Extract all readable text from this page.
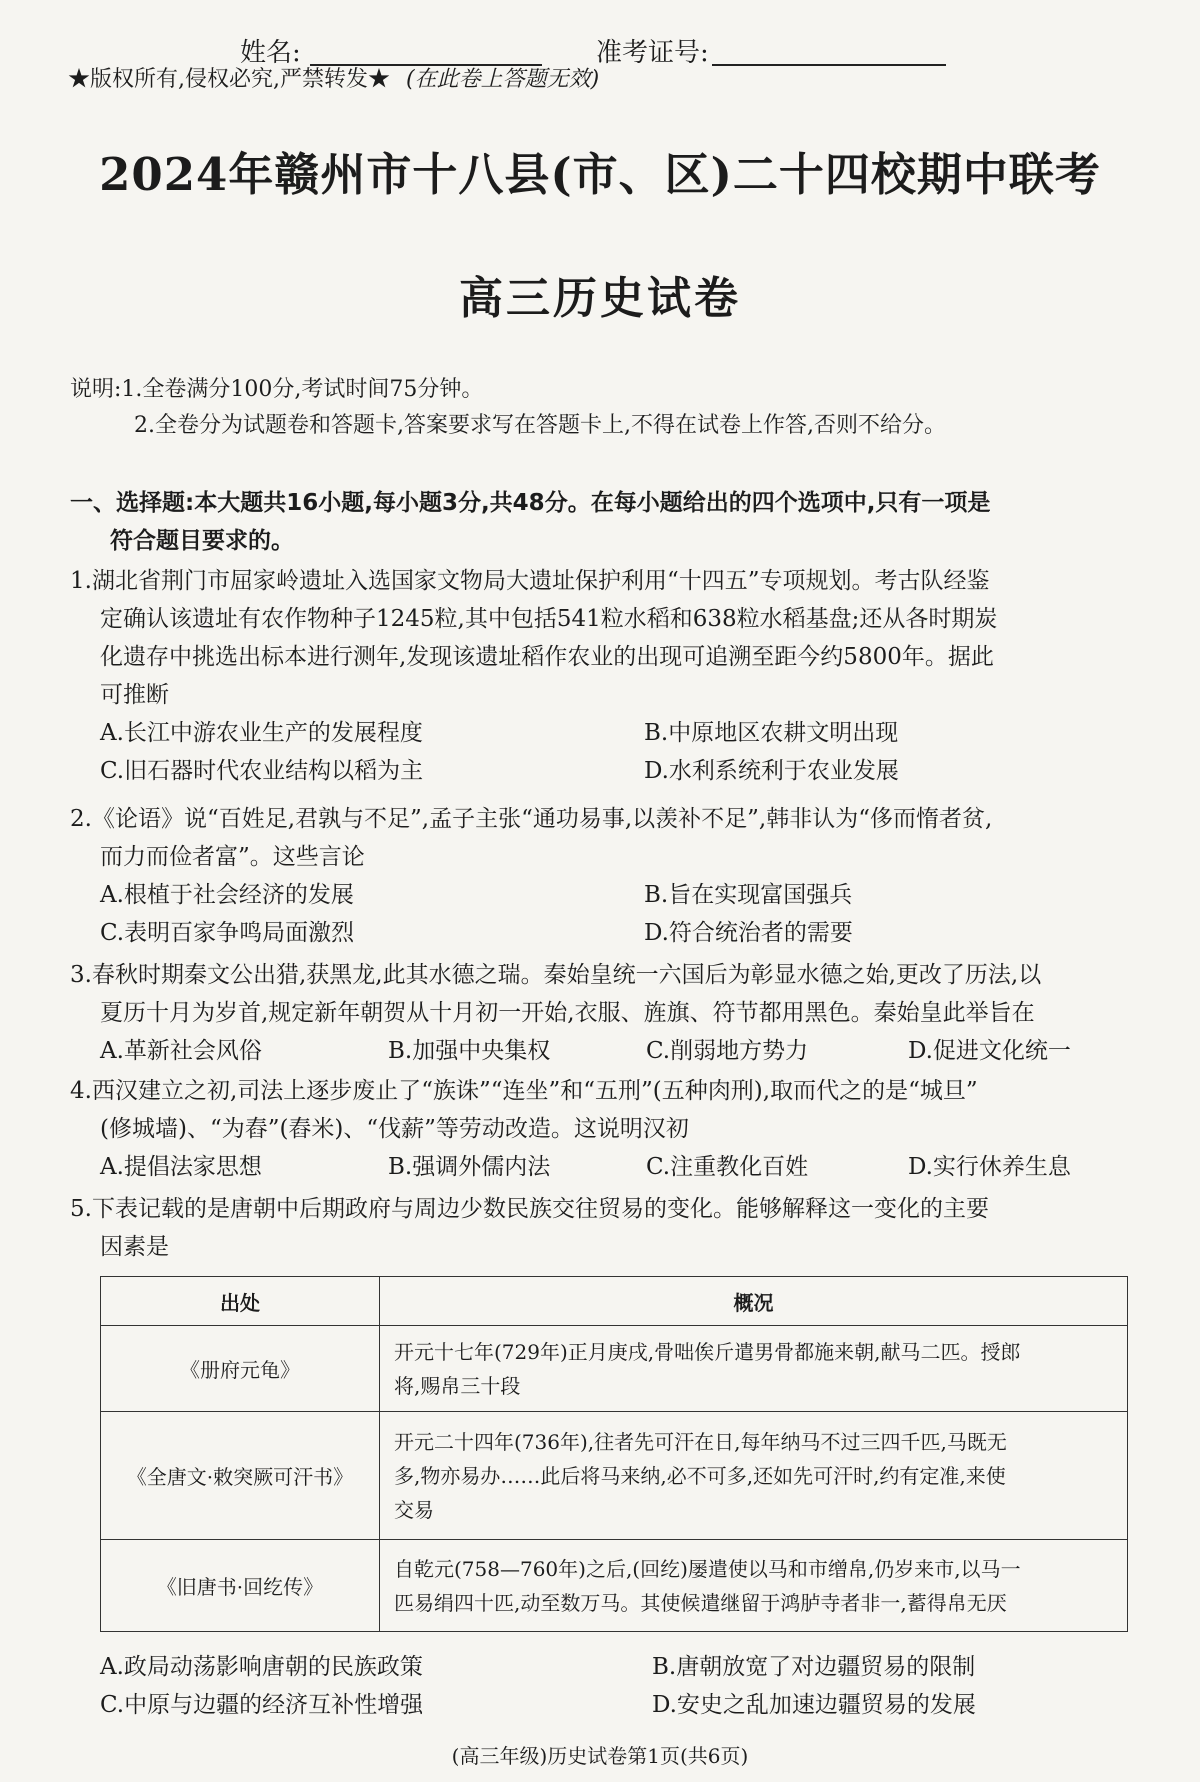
姓名:	准考证号:
★版权所有,侵权必究,严禁转发★ (在此卷上答题无效)
2024年赣州市十八县(市、区)二十四校期中联考
高三历史试卷
说明:1.全卷满分100分,考试时间75分钟。
2.全卷分为试题卷和答题卡,答案要求写在答题卡上,不得在试卷上作答,否则不给分。
一、选择题:本大题共16小题,每小题3分,共48分。在每小题给出的四个选项中,只有一项是
符合题目要求的。
1.湖北省荆门市屈家岭遗址入选国家文物局大遗址保护利用“十四五”专项规划。考古队经鉴
定确认该遗址有农作物种子1245粒,其中包括541粒水稻和638粒水稻基盘;还从各时期炭
化遗存中挑选出标本进行测年,发现该遗址稻作农业的出现可追溯至距今约5800年。据此
可推断
A.长江中游农业生产的发展程度	B.中原地区农耕文明出现
C.旧石器时代农业结构以稻为主	D.水利系统利于农业发展
2.《论语》说“百姓足,君孰与不足”,孟子主张“通功易事,以羡补不足”,韩非认为“侈而惰者贫,
而力而俭者富”。这些言论
A.根植于社会经济的发展	B.旨在实现富国强兵
C.表明百家争鸣局面激烈	D.符合统治者的需要
3.春秋时期秦文公出猎,获黑龙,此其水德之瑞。秦始皇统一六国后为彰显水德之始,更改了历法,以
夏历十月为岁首,规定新年朝贺从十月初一开始,衣服、旌旗、符节都用黑色。秦始皇此举旨在
A.革新社会风俗	B.加强中央集权	C.削弱地方势力	D.促进文化统一
4.西汉建立之初,司法上逐步废止了“族诛”“连坐”和“五刑”(五种肉刑),取而代之的是“城旦”
(修城墙)、“为舂”(舂米)、“伐薪”等劳动改造。这说明汉初
A.提倡法家思想	B.强调外儒内法	C.注重教化百姓	D.实行休养生息
5.下表记载的是唐朝中后期政府与周边少数民族交往贸易的变化。能够解释这一变化的主要
因素是
出处	概况
《册府元龟》	开元十七年(729年)正月庚戌,骨咄俟斤遣男骨都施来朝,献马二匹。授郎
将,赐帛三十段

《全唐文·敕突厥可汗书》	开元二十四年(736年),往者先可汗在日,每年纳马不过三四千匹,马既无
多,物亦易办……此后将马来纳,必不可多,还如先可汗时,约有定准,来使
交易

《旧唐书·回纥传》	自乾元(758—760年)之后,(回纥)屡遣使以马和市缯帛,仍岁来市,以马一
匹易绢四十匹,动至数万马。其使候遣继留于鸿胪寺者非一,蓄得帛无厌
A.政局动荡影响唐朝的民族政策	B.唐朝放宽了对边疆贸易的限制
C.中原与边疆的经济互补性增强	D.安史之乱加速边疆贸易的发展
(高三年级)历史试卷第1页(共6页)
